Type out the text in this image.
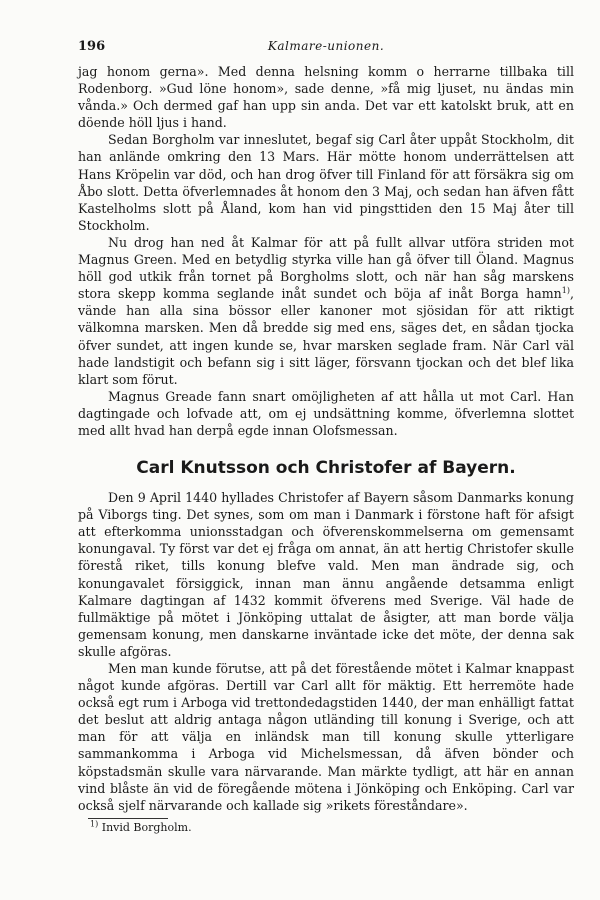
196	Kalmare-unionen.

jag honom gerna». Med denna helsning komm o herrarne tillbaka till Rodenborg. »Gud löne honom», sade denne, »få mig ljuset, nu ändas min vånda.» Och dermed gaf han upp sin anda. Det var ett katolskt bruk, att en döende höll ljus i hand.

Sedan Borgholm var inneslutet, begaf sig Carl åter uppåt Stockholm, dit han anlände omkring den 13 Mars. Här mötte honom underrättelsen att Hans Kröpelin var död, och han drog öfver till Finland för att försäkra sig om Åbo slott. Detta öfverlemnades åt honom den 3 Maj, och sedan han äfven fått Kastelholms slott på Åland, kom han vid pingsttiden den 15 Maj åter till Stockholm.

Nu drog han ned åt Kalmar för att på fullt allvar utföra striden mot Magnus Green. Med en betydlig styrka ville han gå öfver till Öland. Magnus höll god utkik från tornet på Borgholms slott, och när han såg marskens stora skepp komma seglande inåt sundet och böja af inåt Borga hamn$^{1)}$, vände han alla sina bössor eller kanoner mot sjösidan för att riktigt välkomna marsken. Men då bredde sig med ens, säges det, en sådan tjocka öfver sundet, att ingen kunde se, hvar marsken seglade fram. När Carl väl hade landstigit och befann sig i sitt läger, försvann tjockan och det blef lika klart som förut.

Magnus Greade fann snart omöjligheten af att hålla ut mot Carl. Han dagtingade och lofvade att, om ej undsättning komme, öfverlemna slottet med allt hvad han derpå egde innan Olofsmessan.

Carl Knutsson och Christofer af Bayern.

Den 9 April 1440 hyllades Christofer af Bayern såsom Danmarks konung på Viborgs ting. Det synes, som om man i Danmark i förstone haft för afsigt att efterkomma unionsstadgan och öfverenskommelserna om gemensamt konungaval. Ty först var det ej fråga om annat, än att hertig Christofer skulle förestå riket, tills konung blefve vald. Men man ändrade sig, och konungavalet försiggick, innan man ännu angående detsamma enligt Kalmare dagtingan af 1432 kommit öfverens med Sverige. Väl hade de fullmäktige på mötet i Jönköping uttalat de åsigter, att man borde välja gemensam konung, men danskarne inväntade icke det möte, der denna sak skulle afgöras.

Men man kunde förutse, att på det förestående mötet i Kalmar knappast något kunde afgöras. Dertill var Carl allt för mäktig. Ett herremöte hade också egt rum i Arboga vid trettondedagstiden 1440, der man enhälligt fattat det beslut att aldrig antaga någon utländing till konung i Sverige, och att man för att välja en inländsk man till konung skulle ytterligare sammankomma i Arboga vid Michelsmessan, då äfven bönder och köpstadsmän skulle vara närvarande. Man märkte tydligt, att här en annan vind blåste än vid de föregående mötena i Jönköping och Enköping. Carl var också sjelf närvarande och kallade sig »rikets föreståndare».

$^{1)}$ Invid Borgholm.
